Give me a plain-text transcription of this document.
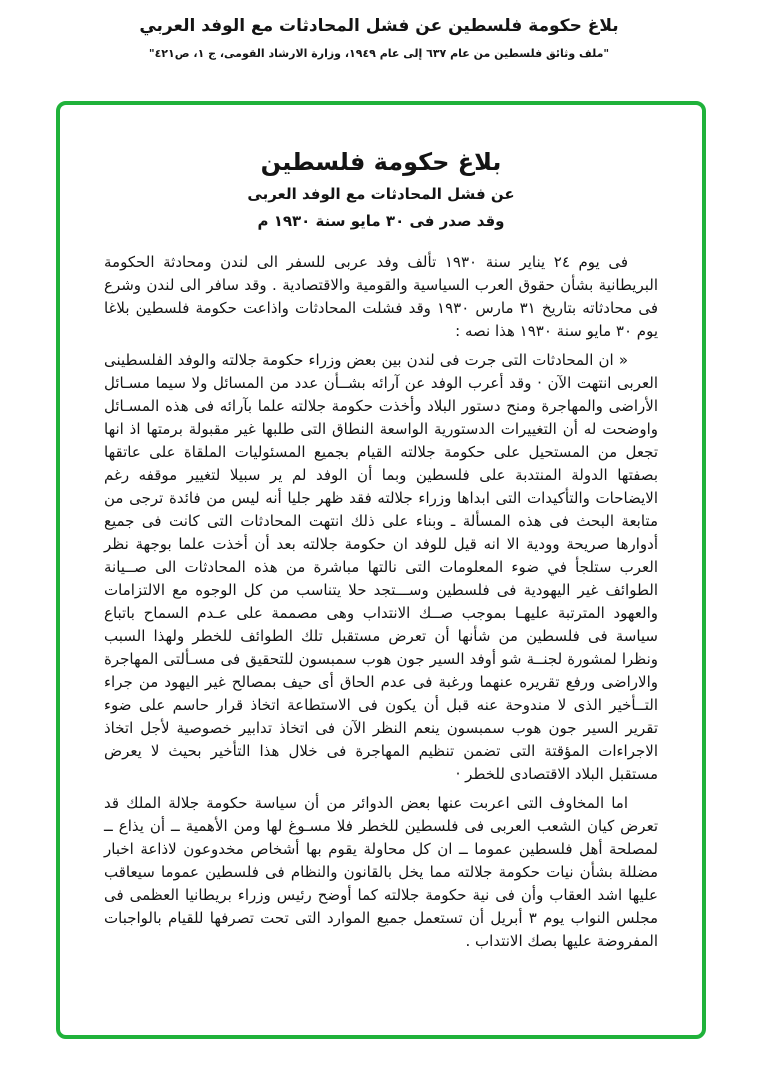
بلاغ حكومة فلسطين عن فشل المحادثات مع الوفد العربي
"ملف وثائق فلسطين من عام ٦٣٧ إلى عام ١٩٤٩، وزارة الارشاد القومى، ج ١، ص٤٢١"
بلاغ حكومة فلسطين
عن فشل المحادثات مع الوفد العربى
وقد صدر فى ٣٠ مايو سنة ١٩٣٠ م

فى يوم ٢٤ يناير سنة ١٩٣٠ تألف وفد عربى للسفر الى لندن ومحادثة الحكومة البريطانية بشأن حقوق العرب السياسية والقومية والاقتصادية . وقد سافر الى لندن وشرع فى محادثاته بتاريخ ٣١ مارس ١٩٣٠ وقد فشلت المحادثات واذاعت حكومة فلسطين بلاغا يوم ٣٠ مايو سنة ١٩٣٠ هذا نصه :

« ان المحادثات التى جرت فى لندن بين بعض وزراء حكومة جلالته والوفد الفلسطينى العربى انتهت الآن · وقد أعرب الوفد عن آرائه بشــأن عدد من المسائل ولا سيما مسـائل الأراضى والمهاجرة ومنح دستور البلاد وأخذت حكومة جلالته علما بآرائه فى هذه المسـائل واوضحت له أن التغييرات الدستورية الواسعة النطاق التى طلبها غير مقبولة برمتها اذ انها تجعل من المستحيل على حكومة جلالته القيام بجميع المسئوليات الملقاة على عاتقها بصفتها الدولة المنتدبة على فلسطين وبما أن الوفد لم ير سبيلا لتغيير موقفه رغم الايضاحات والتأكيدات التى ابداها وزراء جلالته فقد ظهر جليا أنه ليس من فائدة ترجى من متابعة البحث فى هذه المسألة ـ وبناء على ذلك انتهت المحادثات التى كانت فى جميع أدوارها صريحة وودية الا انه قيل للوفد ان حكومة جلالته بعد أن أخذت علما بوجهة نظر العرب ستلجأ في ضوء المعلومات التى نالتها مباشرة من هذه المحادثات الى صــيانة الطوائف غير اليهودية فى فلسطين وســـتجد حلا يتناسب من كل الوجوه مع الالتزامات والعهود المترتبة عليهـا بموجب صــك الانتداب وهى مصممة على عـدم السماح باتباع سياسة فى فلسطين من شأنها أن تعرض مستقبل تلك الطوائف للخطر ولهذا السبب ونظرا لمشورة لجنــة شو أوفد السير جون هوب سمبسون للتحقيق فى مسـألتى المهاجرة والاراضى ورفع تقريره عنهما ورغبة فى عدم الحاق أى حيف بمصالح غير اليهود من جراء التــأخير الذى لا مندوحة عنه قبل أن يكون فى الاستطاعة اتخاذ قرار حاسم على ضوء تقرير السير جون هوب سمبسون ينعم النظر الآن فى اتخاذ تدابير خصوصية لأجل اتخاذ الاجراءات المؤقتة التى تضمن تنظيم المهاجرة فى خلال هذا التأخير بحيث لا يعرض مستقبل البلاد الاقتصادى للخطر ·

اما المخاوف التى اعربت عنها بعض الدوائر من أن سياسة حكومة جلالة الملك قد تعرض كيان الشعب العربى فى فلسطين للخطر فلا مسـوغ لها ومن الأهمية ــ أن يذاع ــ لمصلحة أهل فلسطين عموما ــ ان كل محاولة يقوم بها أشخاص مخدوعون لاذاعة اخبار مضللة بشأن نيات حكومة جلالته مما يخل بالقانون والنظام فى فلسطين عموما سيعاقب عليها اشد العقاب وأن فى نية حكومة جلالته كما أوضح رئيس وزراء بريطانيا العظمى فى مجلس النواب يوم ٣ أبريل أن تستعمل جميع الموارد التى تحت تصرفها للقيام بالواجبات المفروضة عليها بصك الانتداب .
